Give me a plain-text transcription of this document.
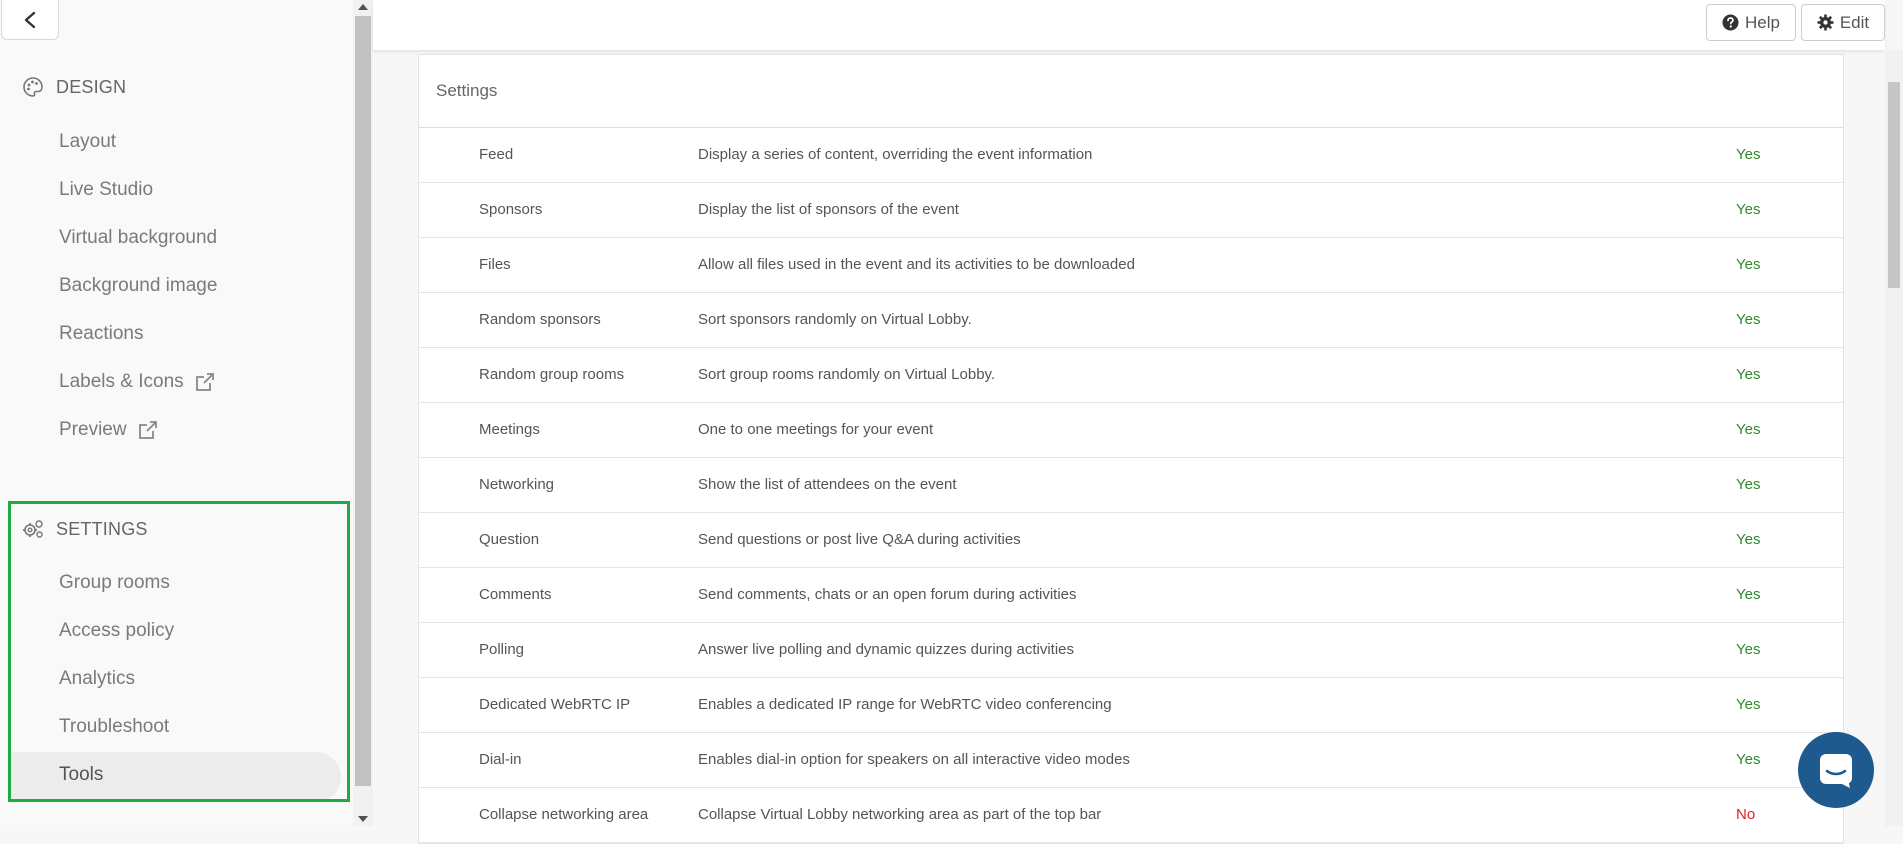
DESIGN
Layout
Live Studio
Virtual background
Background image
Reactions
Labels & Icons
Preview
SETTINGS
Group rooms
Access policy
Analytics
Troubleshoot
Tools
Help	Edit
Settings
Feed	Display a series of content, overriding the event information	Yes
Sponsors	Display the list of sponsors of the event	Yes
Files	Allow all files used in the event and its activities to be downloaded	Yes
Random sponsors	Sort sponsors randomly on Virtual Lobby.	Yes
Random group rooms	Sort group rooms randomly on Virtual Lobby.	Yes
Meetings	One to one meetings for your event	Yes
Networking	Show the list of attendees on the event	Yes
Question	Send questions or post live Q&A during activities	Yes
Comments	Send comments, chats or an open forum during activities	Yes
Polling	Answer live polling and dynamic quizzes during activities	Yes
Dedicated WebRTC IP	Enables a dedicated IP range for WebRTC video conferencing	Yes
Dial-in	Enables dial-in option for speakers on all interactive video modes	Yes
Collapse networking area	Collapse Virtual Lobby networking area as part of the top bar	No
